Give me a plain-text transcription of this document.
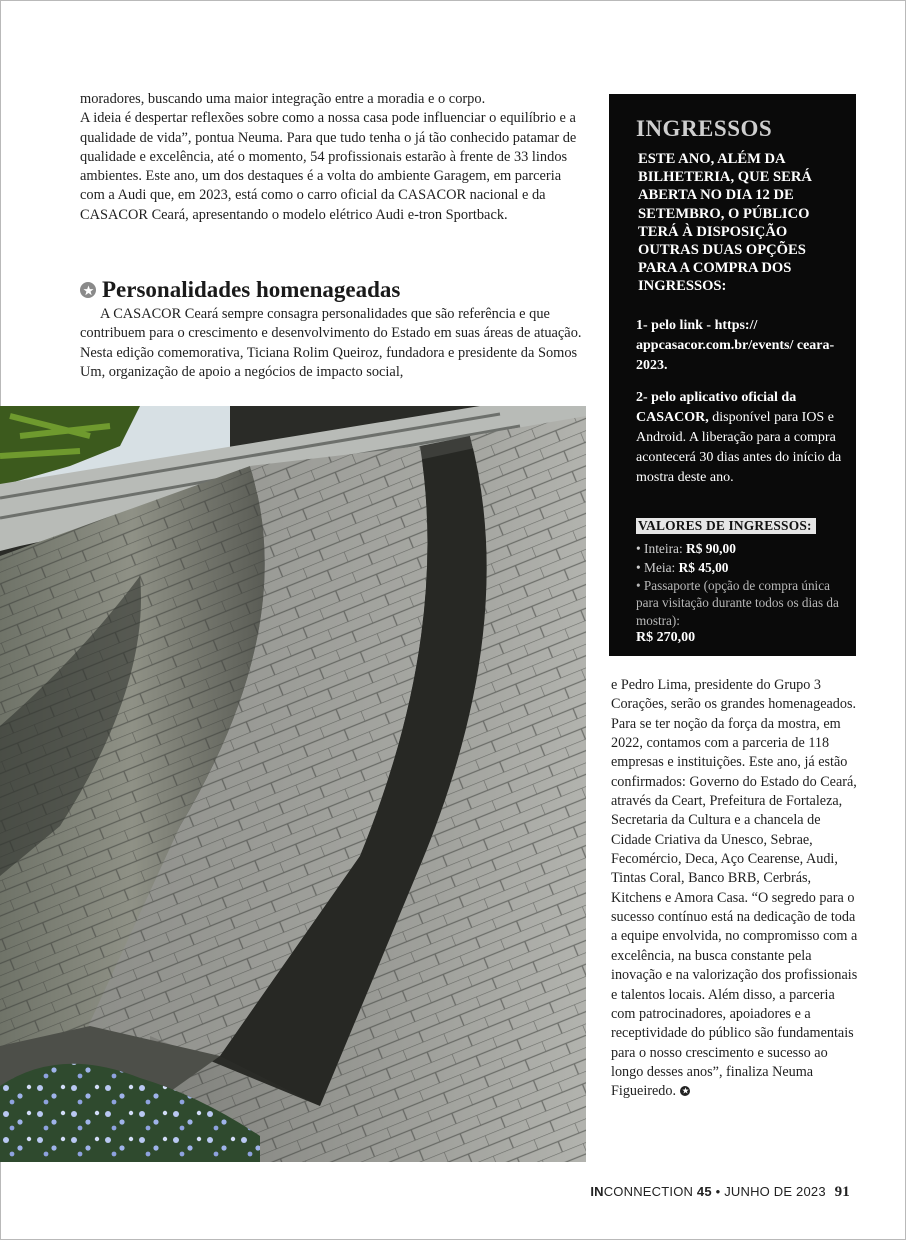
moradores, buscando uma maior integração entre a moradia e o corpo.

A ideia é despertar reflexões sobre como a nossa casa pode influenciar o equilíbrio e a qualidade de vida”, pontua Neuma. Para que tudo tenha o já tão conhecido patamar de qualidade e excelência, até o momento, 54 profissionais estarão à frente de 33 lindos ambientes. Este ano, um dos destaques é a volta do ambiente Garagem, em parceria com a Audi que, em 2023, está como o carro oficial da CASACOR nacional e da CASACOR Ceará, apresentando o modelo elétrico Audi e-tron Sportback.

Personalidades homenageadas

A CASACOR Ceará sempre consagra personalidades que são referência e que contribuem para o crescimento e desenvolvimento do Estado em suas áreas de atuação. Nesta edição comemorativa, Ticiana Rolim Queiroz, fundadora e presidente da Somos Um, organização de apoio a negócios de impacto social,

INGRESSOS
ESTE ANO, ALÉM DA BILHETERIA, QUE SERÁ ABERTA NO DIA 12 DE SETEMBRO, O PÚBLICO TERÁ À DISPOSIÇÃO OUTRAS DUAS OPÇÕES PARA A COMPRA DOS INGRESSOS:
1- pelo link - https:// appcasacor.com.br/events/ ceara-2023.
2- pelo aplicativo oficial da CASACOR, disponível para IOS e Android. A liberação para a compra acontecerá 30 dias antes do início da mostra deste ano.
VALORES DE INGRESSOS:
• Inteira: R$ 90,00
• Meia: R$ 45,00
• Passaporte (opção de compra única para visitação durante todos os dias da mostra):
R$ 270,00
e Pedro Lima, presidente do Grupo 3 Corações, serão os grandes homenageados. Para se ter noção da força da mostra, em 2022, contamos com a parceria de 118 empresas e instituições. Este ano, já estão confirmados: Governo do Estado do Ceará, através da Ceart, Prefeitura de Fortaleza, Secretaria da Cultura e a chancela de Cidade Criativa da Unesco, Sebrae, Fecomércio, Deca, Aço Cearense, Audi, Tintas Coral, Banco BRB, Cerbrás, Kitchens e Amora Casa. “O segredo para o sucesso contínuo está na dedicação de toda a equipe envolvida, no compromisso com a excelência, na busca constante pela inovação e na valorização dos profissionais e talentos locais. Além disso, a parceria com patrocinadores, apoiadores e a receptividade do público são fundamentais para o nosso crescimento e sucesso ao longo desses anos”, finaliza Neuma Figueiredo.
INCONNECTION 45 • JUNHO DE 2023 91
